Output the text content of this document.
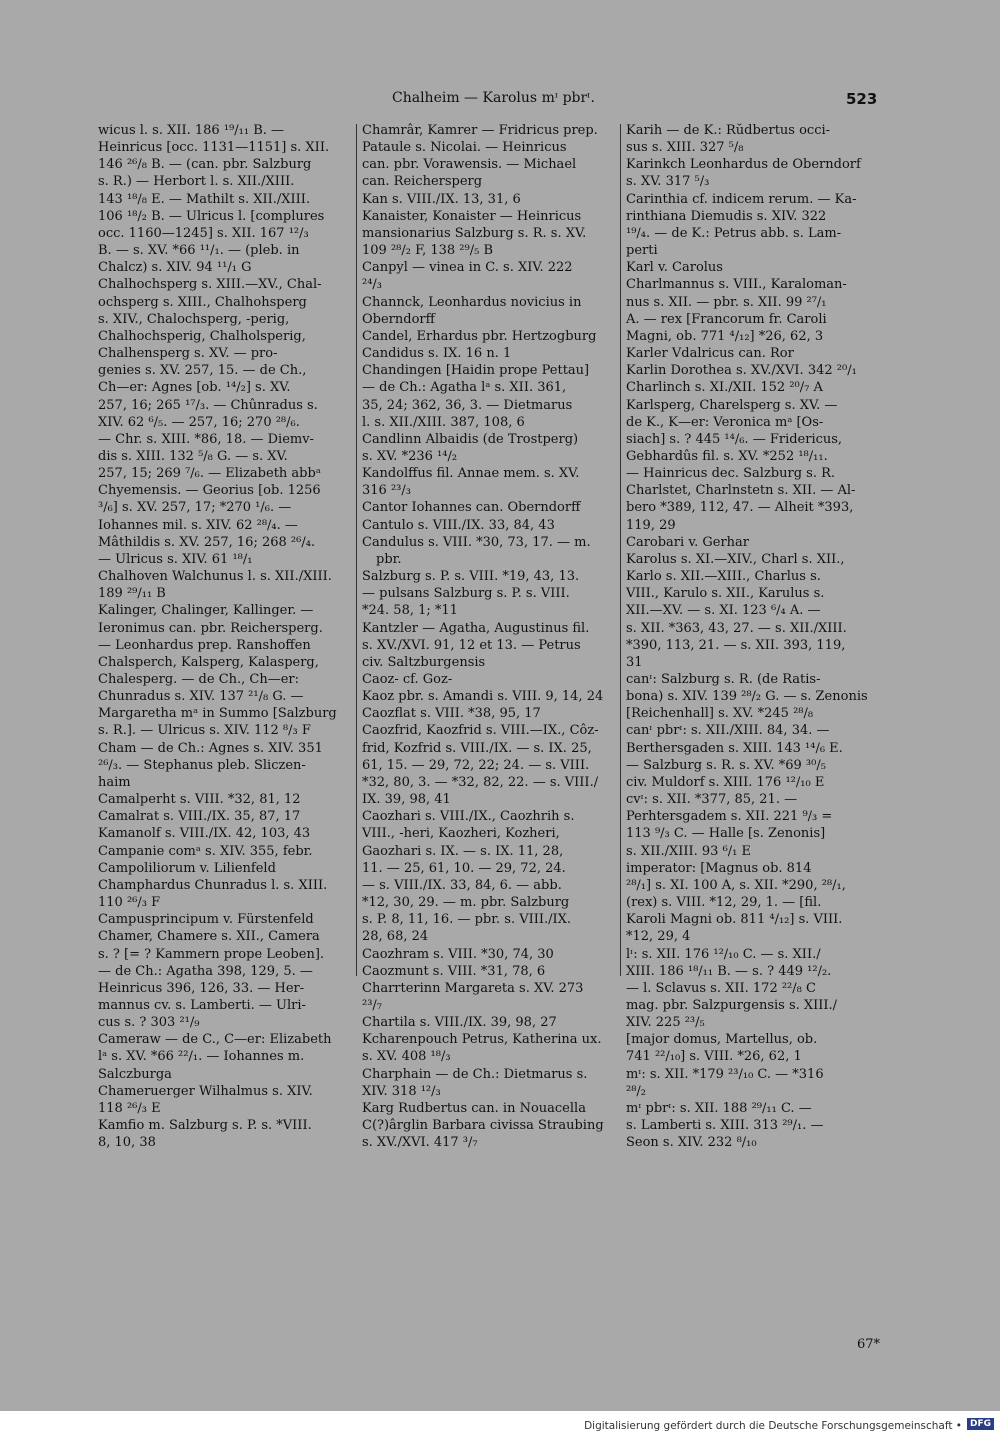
Chalheim — Karolus mᶦ pbrᶦ.	523

wicus l. s. XII. 186 ¹⁹/₁₁ B. —

Heinricus [occ. 1131—1151] s. XII.

146 ²⁶/₈ B. — (can. pbr. Salzburg

s. R.) — Herbort l. s. XII./XIII.

143 ¹⁸/₈ E. — Mathilt s. XII./XIII.

106 ¹⁸/₂ B. — Ulricus l. [complures

occ. 1160—1245] s. XII. 167 ¹²/₃

B. — s. XV. *66 ¹¹/₁. — (pleb. in

Chalcz) s. XIV. 94 ¹¹/₁ G

Chalhochsperg s. XIII.—XV., Chal-

ochsperg s. XIII., Chalhohsperg

s. XIV., Chalochsperg, -perig,

Chalhochsperig, Chalholsperig,

Chalhensperg s. XV. — pro-

genies s. XV. 257, 15. — de Ch.,

Ch—er: Agnes [ob. ¹⁴/₂] s. XV.

257, 16; 265 ¹⁷/₃. — Chûnradus s.

XIV. 62 ⁶/₅. — 257, 16; 270 ²⁸/₆.

— Chr. s. XIII. *86, 18. — Diemv-

dis s. XIII. 132 ⁵/₈ G. — s. XV.

257, 15; 269 ⁷/₆. — Elizabeth abbᵃ

Chyemensis. — Georius [ob. 1256

³/₆] s. XV. 257, 17; *270 ¹/₆. —

Iohannes mil. s. XIV. 62 ²⁸/₄. —

Mâthildis s. XV. 257, 16; 268 ²⁶/₄.

— Ulricus s. XIV. 61 ¹⁸/₁

Chalhoven Walchunus l. s. XII./XIII.

189 ²⁹/₁₁ B

Kalinger, Chalinger, Kallinger. —

Ieronimus can. pbr. Reichersperg.

— Leonhardus prep. Ranshoffen

Chalsperch, Kalsperg, Kalasperg,

Chalesperg. — de Ch., Ch—er:

Chunradus s. XIV. 137 ²¹/₈ G. —

Margaretha mᵃ in Summo [Salzburg

s. R.]. — Ulricus s. XIV. 112 ⁸/₃ F

Cham — de Ch.: Agnes s. XIV. 351

²⁶/₃. — Stephanus pleb. Sliczen-

haim

Camalperht s. VIII. *32, 81, 12

Camalrat s. VIII./IX. 35, 87, 17

Kamanolf s. VIII./IX. 42, 103, 43

Campanie comᵃ s. XIV. 355, febr.

Campoliliorum v. Lilienfeld

Champhardus Chunradus l. s. XIII.

110 ²⁶/₃ F

Campusprincipum v. Fürstenfeld

Chamer, Chamere s. XII., Camera

s. ? [= ? Kammern prope Leoben].

— de Ch.: Agatha 398, 129, 5. —

Heinricus 396, 126, 33. — Her-

mannus cv. s. Lamberti. — Ulri-

cus s. ? 303 ²¹/₉

Cameraw — de C., C—er: Elizabeth

lᵃ s. XV. *66 ²²/₁. — Iohannes m.

Salczburga

Chameruerger Wilhalmus s. XIV.

118 ²⁶/₃ E

Kamfio m. Salzburg s. P. s. *VIII.

8, 10, 38

Chamrâr, Kamrer — Fridricus prep.

Pataule s. Nicolai. — Heinricus

can. pbr. Vorawensis. — Michael

can. Reichersperg

Kan s. VIII./IX. 13, 31, 6

Kanaister, Konaister — Heinricus

mansionarius Salzburg s. R. s. XV.

109 ²⁸/₂ F, 138 ²⁹/₅ B

Canpyl — vinea in C. s. XIV. 222

²⁴/₃

Channck, Leonhardus novicius in

Oberndorff

Candel, Erhardus pbr. Hertzogburg

Candidus s. IX. 16 n. 1

Chandingen [Haidin prope Pettau]

— de Ch.: Agatha lᵃ s. XII. 361,

35, 24; 362, 36, 3. — Dietmarus

l. s. XII./XIII. 387, 108, 6

Candlinn Albaidis (de Trostperg)

s. XV. *236 ¹⁴/₂

Kandolffus fil. Annae mem. s. XV.

316 ²³/₃

Cantor Iohannes can. Oberndorff

Cantulo s. VIII./IX. 33, 84, 43

Candulus s. VIII. *30, 73, 17. — m. pbr.

Salzburg s. P. s. VIII. *19, 43, 13.

— pulsans Salzburg s. P. s. VIII.

*24. 58, 1; *11

Kantzler — Agatha, Augustinus fil.

s. XV./XVI. 91, 12 et 13. — Petrus

civ. Saltzburgensis

Caoz- cf. Goz-

Kaoz pbr. s. Amandi s. VIII. 9, 14, 24

Caozflat s. VIII. *38, 95, 17

Caozfrid, Kaozfrid s. VIII.—IX., Côz-

frid, Kozfrid s. VIII./IX. — s. IX. 25,

61, 15. — 29, 72, 22; 24. — s. VIII.

*32, 80, 3. — *32, 82, 22. — s. VIII./

IX. 39, 98, 41

Caozhari s. VIII./IX., Caozhrih s.

VIII., -heri, Kaozheri, Kozheri,

Gaozhari s. IX. — s. IX. 11, 28,

11. — 25, 61, 10. — 29, 72, 24.

— s. VIII./IX. 33, 84, 6. — abb.

*12, 30, 29. — m. pbr. Salzburg

s. P. 8, 11, 16. — pbr. s. VIII./IX.

28, 68, 24

Caozhram s. VIII. *30, 74, 30

Caozmunt s. VIII. *31, 78, 6

Charrterinn Margareta s. XV. 273

²³/₇

Chartila s. VIII./IX. 39, 98, 27

Kcharenpouch Petrus, Katherina ux.

s. XV. 408 ¹⁸/₃

Charphain — de Ch.: Dietmarus s.

XIV. 318 ¹²/₃

Karg Rudbertus can. in Nouacella

C(?)ârglin Barbara civissa Straubing

s. XV./XVI. 417 ³/₇

Karih — de K.: Rŭdbertus occi-

sus s. XIII. 327 ⁵/₈

Karinkch Leonhardus de Oberndorf

s. XV. 317 ⁵/₃

Carinthia cf. indicem rerum. — Ka-

rinthiana Diemudis s. XIV. 322

¹⁹/₄. — de K.: Petrus abb. s. Lam-

perti

Karl v. Carolus

Charlmannus s. VIII., Karaloman-

nus s. XII. — pbr. s. XII. 99 ²⁷/₁

A. — rex [Francorum fr. Caroli

Magni, ob. 771 ⁴/₁₂] *26, 62, 3

Karler Vdalricus can. Ror

Karlin Dorothea s. XV./XVI. 342 ²⁰/₁

Charlinch s. XI./XII. 152 ²⁰/₇ A

Karlsperg, Charelsperg s. XV. —

de K., K—er: Veronica mᵃ [Os-

siach] s. ? 445 ¹⁴/₆. — Fridericus,

Gebhardûs fil. s. XV. *252 ¹⁸/₁₁.

— Hainricus dec. Salzburg s. R.

Charlstet, Charlnstetn s. XII. — Al-

bero *389, 112, 47. — Alheit *393,

119, 29

Carobari v. Gerhar

Karolus s. XI.—XIV., Charl s. XII.,

Karlo s. XII.—XIII., Charlus s.

VIII., Karulo s. XII., Karulus s.

XII.—XV. — s. XI. 123 ⁶/₄ A. —

s. XII. *363, 43, 27. — s. XII./XIII.

*390, 113, 21. — s. XII. 393, 119,

31

canᶦ: Salzburg s. R. (de Ratis-

bona) s. XIV. 139 ²⁸/₂ G. — s. Zenonis

[Reichenhall] s. XV. *245 ²⁸/₈

canᶦ pbrᶦ: s. XII./XIII. 84, 34. —

Berthersgaden s. XIII. 143 ¹⁴/₆ E.

— Salzburg s. R. s. XV. *69 ³⁰/₅

civ. Muldorf s. XIII. 176 ¹²/₁₀ E

cvᶦ: s. XII. *377, 85, 21. —

Perhtersgadem s. XII. 221 ⁹/₃ =

113 ⁹/₃ C. — Halle [s. Zenonis]

s. XII./XIII. 93 ⁶/₁ E

imperator: [Magnus ob. 814

²⁸/₁] s. XI. 100 A, s. XII. *290, ²⁸/₁,

(rex) s. VIII. *12, 29, 1. — [fil.

Karoli Magni ob. 811 ⁴/₁₂] s. VIII.

*12, 29, 4

lᶦ: s. XII. 176 ¹²/₁₀ C. — s. XII./

XIII. 186 ¹⁸/₁₁ B. — s. ? 449 ¹²/₂.

— l. Sclavus s. XII. 172 ²²/₈ C

mag. pbr. Salzpurgensis s. XIII./

XIV. 225 ²³/₅

[major domus, Martellus, ob.

741 ²²/₁₀] s. VIII. *26, 62, 1

mᶦ: s. XII. *179 ²³/₁₀ C. — *316

²⁸/₂

mᶦ pbrᶦ: s. XII. 188 ²⁹/₁₁ C. —

s. Lamberti s. XIII. 313 ²⁹/₁. —

Seon s. XIV. 232 ⁸/₁₀

67*
Digitalisierung gefördert durch die Deutsche Forschungsgemeinschaft • DFG
